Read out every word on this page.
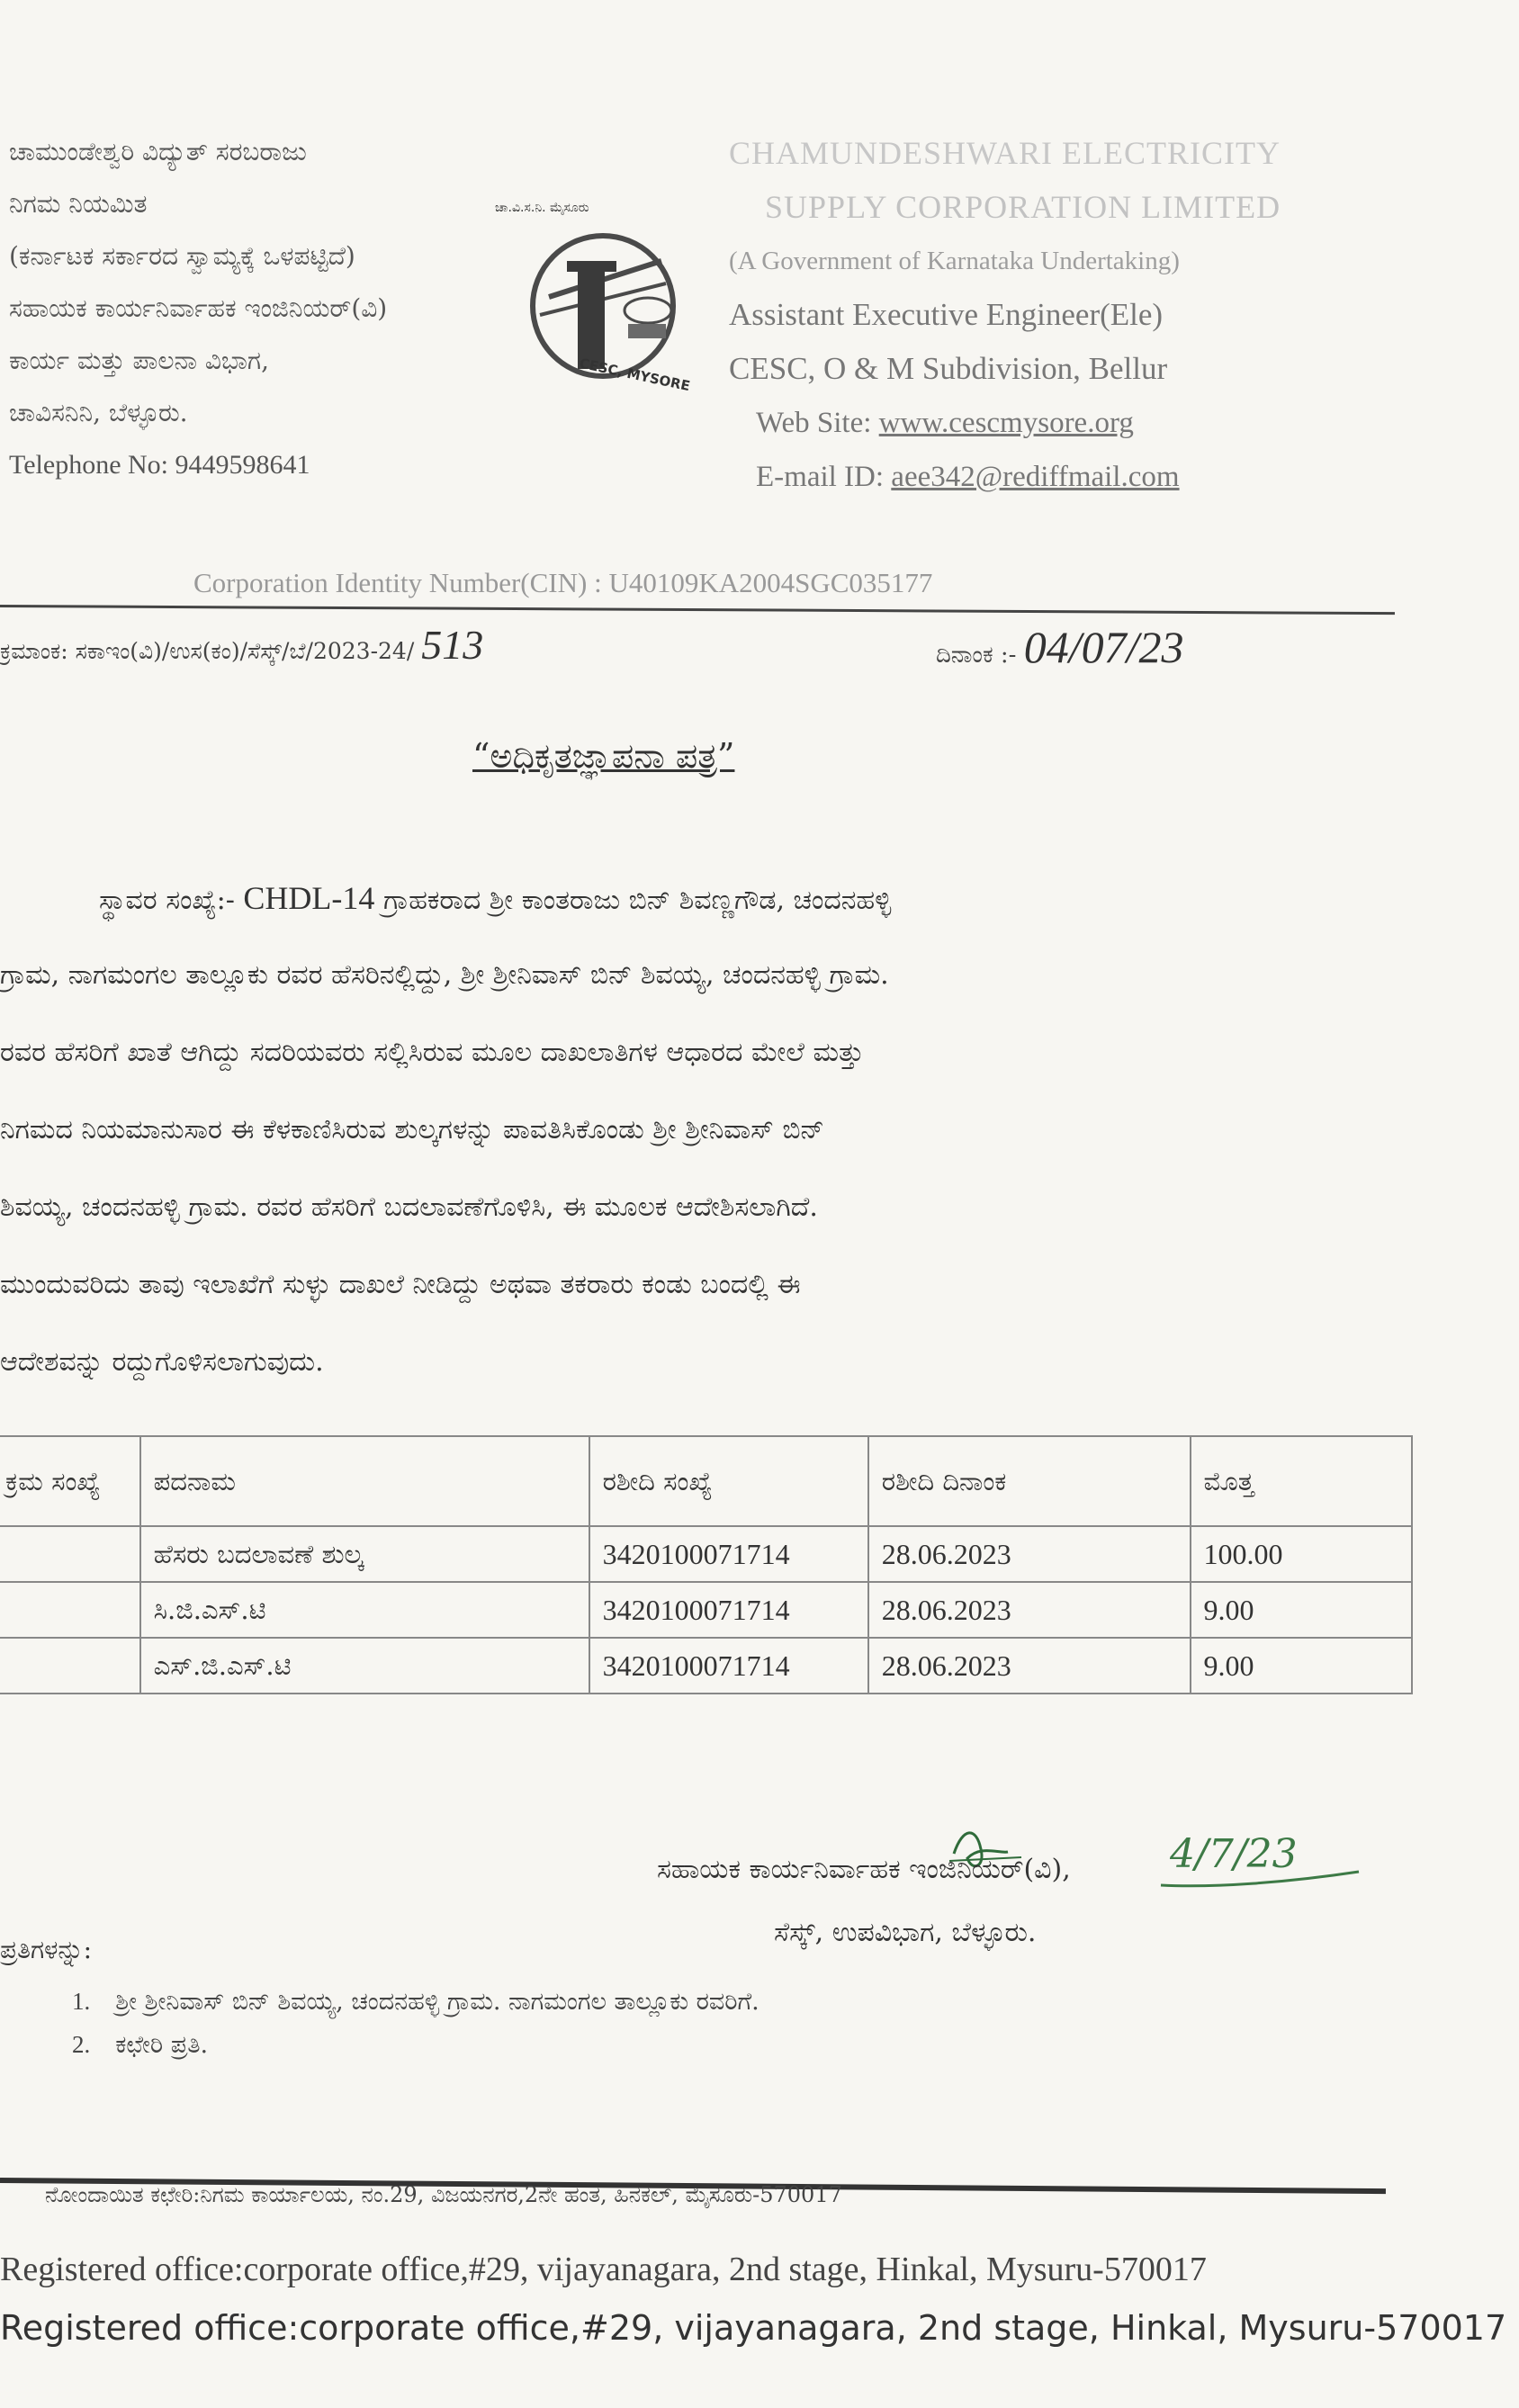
ಚಾಮುಂಡೇಶ್ವರಿ ವಿದ್ಯುತ್ ಸರಬರಾಜು
ನಿಗಮ ನಿಯಮಿತ
(ಕರ್ನಾಟಕ ಸರ್ಕಾರದ ಸ್ವಾಮ್ಯಕ್ಕೆ ಒಳಪಟ್ಟಿದೆ)
ಸಹಾಯಕ ಕಾರ್ಯನಿರ್ವಾಹಕ ಇಂಜಿನಿಯರ್(ವಿ)
ಕಾರ್ಯ ಮತ್ತು ಪಾಲನಾ ವಿಭಾಗ,
ಚಾವಿಸನಿನಿ, ಬೆಳ್ಳೂರು.
Telephone No: 9449598641
ಚಾ.ವಿ.ಸ.ನಿ. ಮೈಸೂರು
CESC, MYSORE
CHAMUNDESHWARI ELECTRICITY
SUPPLY CORPORATION LIMITED
(A Government of Karnataka Undertaking)
Assistant Executive Engineer(Ele)
CESC, O & M Subdivision, Bellur
Web Site: www.cescmysore.org
E-mail ID: aee342@rediffmail.com
Corporation Identity Number(CIN) : U40109KA2004SGC035177
ಕ್ರಮಾಂಕ: ಸಕಾಇಂ(ವಿ)/ಉಸ(ಕಂ)/ಸೆಸ್ಕ್/ಬೆ/2023-24/ 513	ದಿನಾಂಕ :- 04/07/23
“ಅಧಿಕೃತಜ್ಞಾಪನಾ ಪತ್ರ”

ಸ್ಥಾವರ ಸಂಖ್ಯೆ:- CHDL-14 ಗ್ರಾಹಕರಾದ ಶ್ರೀ ಕಾಂತರಾಜು ಬಿನ್ ಶಿವಣ್ಣಗೌಡ, ಚಂದನಹಳ್ಳಿ

ಗ್ರಾಮ, ನಾಗಮಂಗಲ ತಾಲ್ಲೂಕು ರವರ ಹೆಸರಿನಲ್ಲಿದ್ದು, ಶ್ರೀ ಶ್ರೀನಿವಾಸ್ ಬಿನ್ ಶಿವಯ್ಯ, ಚಂದನಹಳ್ಳಿ ಗ್ರಾಮ.

ರವರ ಹೆಸರಿಗೆ ಖಾತೆ ಆಗಿದ್ದು ಸದರಿಯವರು ಸಲ್ಲಿಸಿರುವ ಮೂಲ ದಾಖಲಾತಿಗಳ ಆಧಾರದ ಮೇಲೆ ಮತ್ತು

ನಿಗಮದ ನಿಯಮಾನುಸಾರ ಈ ಕೆಳಕಾಣಿಸಿರುವ ಶುಲ್ಕಗಳನ್ನು ಪಾವತಿಸಿಕೊಂಡು ಶ್ರೀ ಶ್ರೀನಿವಾಸ್ ಬಿನ್

ಶಿವಯ್ಯ, ಚಂದನಹಳ್ಳಿ ಗ್ರಾಮ. ರವರ ಹೆಸರಿಗೆ ಬದಲಾವಣೆಗೊಳಿಸಿ, ಈ ಮೂಲಕ ಆದೇಶಿಸಲಾಗಿದೆ.

ಮುಂದುವರಿದು ತಾವು ಇಲಾಖೆಗೆ ಸುಳ್ಳು ದಾಖಲೆ ನೀಡಿದ್ದು ಅಥವಾ ತಕರಾರು ಕಂಡು ಬಂದಲ್ಲಿ ಈ

ಆದೇಶವನ್ನು ರದ್ದುಗೊಳಿಸಲಾಗುವುದು.

ಕ್ರಮ ಸಂಖ್ಯೆ	ಪದನಾಮ	ರಶೀದಿ ಸಂಖ್ಯೆ	ರಶೀದಿ ದಿನಾಂಕ	ಮೊತ್ತ
	ಹೆಸರು ಬದಲಾವಣೆ ಶುಲ್ಕ	3420100071714	28.06.2023	100.00
	ಸಿ.ಜಿ.ಎಸ್.ಟಿ	3420100071714	28.06.2023	9.00
	ಎಸ್.ಜಿ.ಎಸ್.ಟಿ	3420100071714	28.06.2023	9.00
4/7/23
ಸಹಾಯಕ ಕಾರ್ಯನಿರ್ವಾಹಕ ಇಂಜಿನಿಯರ್(ವಿ),
ಸೆಸ್ಕ್, ಉಪವಿಭಾಗ, ಬೆಳ್ಳೂರು.
ಪ್ರತಿಗಳನ್ನು:
1. ಶ್ರೀ ಶ್ರೀನಿವಾಸ್ ಬಿನ್ ಶಿವಯ್ಯ, ಚಂದನಹಳ್ಳಿ ಗ್ರಾಮ. ನಾಗಮಂಗಲ ತಾಲ್ಲೂಕು ರವರಿಗೆ.
2. ಕಛೇರಿ ಪ್ರತಿ.
ನೋಂದಾಯಿತ ಕಛೇರಿ:ನಿಗಮ ಕಾರ್ಯಾಲಯ, ನಂ.29, ವಿಜಯನಗರ,2ನೇ ಹಂತ, ಹಿನಕಲ್, ಮೈಸೂರು-570017
Registered office:corporate office,#29, vijayanagara, 2nd stage, Hinkal, Mysuru-570017
Registered office:corporate office,#29, vijayanagara, 2nd stage, Hinkal, Mysuru-570017
